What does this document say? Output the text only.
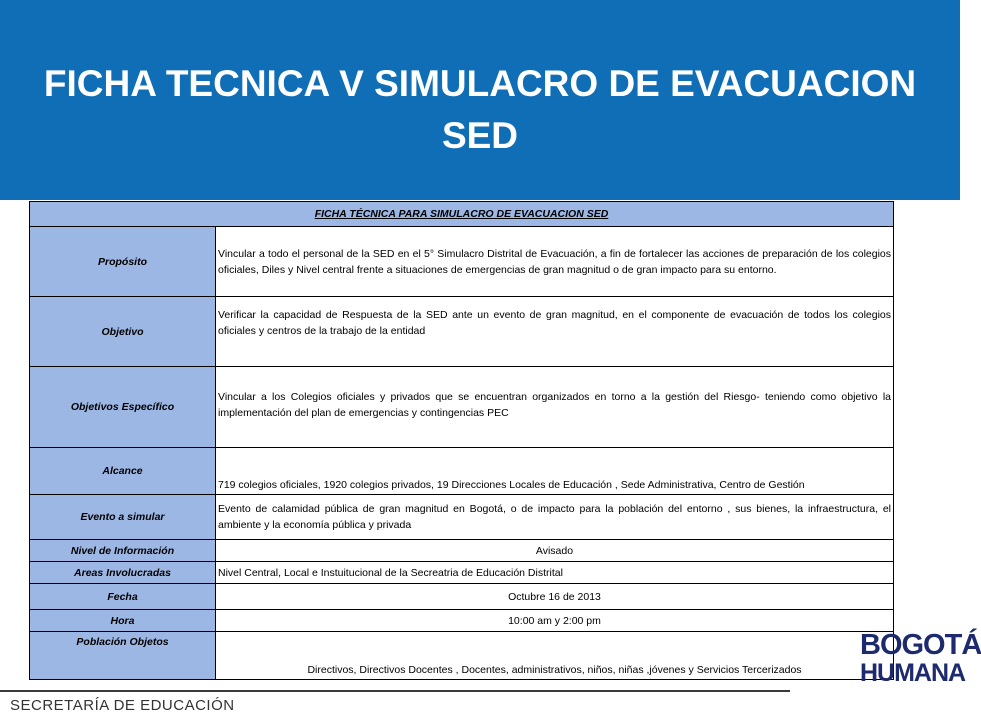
FICHA TECNICA V SIMULACRO DE EVACUACION SED
FICHA TÉCNICA PARA SIMULACRO DE EVACUACION SED	
Propósito	Vincular a todo el personal de la SED en el 5° Simulacro Distrital de Evacuación, a fin de fortalecer las acciones de preparación de los colegios oficiales, Diles y Nivel central frente a situaciones de emergencias de gran magnitud o de gran impacto para su entorno.
Objetivo	Verificar la capacidad de Respuesta de la SED ante un evento de gran magnitud, en el componente de evacuación de todos los colegios oficiales y centros de la trabajo de la entidad
Objetivos Específico	Vincular a los Colegios oficiales y privados que se encuentran organizados en torno a la gestión del Riesgo- teniendo como objetivo la implementación del plan de emergencias y contingencias PEC
Alcance	719 colegios oficiales, 1920 colegios privados, 19 Direcciones Locales de Educación , Sede Administrativa, Centro de Gestión
Evento a simular	Evento de calamidad pública de gran magnitud en Bogotá, o de impacto para la población del entorno , sus bienes, la infraestructura, el ambiente y la economía pública y privada
Nivel de Información	Avisado
Areas Involucradas	Nivel Central, Local e Instuitucional de la Secreatria de Educación Distrital
Fecha	Octubre 16 de 2013
Hora	10:00 am y 2:00 pm
Población Objetos	Directivos, Directivos Docentes , Docentes, administrativos, niños, niñas ,jóvenes y Servicios Tercerizados
SECRETARÍA DE EDUCACIÓN
BOGOTÁ
HUMANA
